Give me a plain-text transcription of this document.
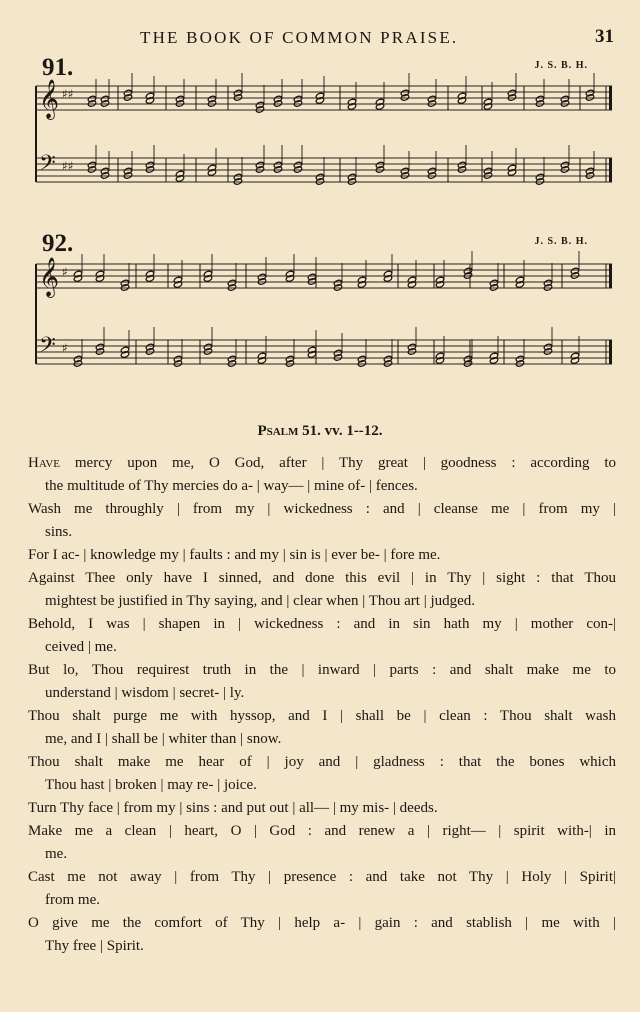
THE BOOK OF COMMON PRAISE.	31
91.	J. S. B. H.
𝄞 ♯♯
𝄢 ♯♯
92.	J. S. B. H.
𝄞 ♯
𝄢 ♯
Psalm 51. vv. 1--12.
Have mercy upon me, O God, after | Thy great | goodness : according to
the multitude of Thy mercies do a- | way— | mine of- | fences.
Wash me throughly | from my | wickedness : and | cleanse me | from my |
sins.
For I ac- | knowledge my | faults : and my | sin is | ever be- | fore me.
Against Thee only have I sinned, and done this evil | in Thy | sight : that Thou
mightest be justified in Thy saying, and | clear when | Thou art | judged.
Behold, I was | shapen in | wickedness : and in sin hath my | mother con-|
ceived | me.
But lo, Thou requirest truth in the | inward | parts : and shalt make me to
understand | wisdom | secret- | ly.
Thou shalt purge me with hyssop, and I | shall be | clean : Thou shalt wash
me, and I | shall be | whiter than | snow.
Thou shalt make me hear of | joy and | gladness : that the bones which
Thou hast | broken | may re- | joice.
Turn Thy face | from my | sins : and put out | all— | my mis- | deeds.
Make me a clean | heart, O | God : and renew a | right— | spirit with-| in
me.
Cast me not away | from Thy | presence : and take not Thy | Holy | Spirit|
from me.
O give me the comfort of Thy | help a- | gain : and stablish | me with |
Thy free | Spirit.
